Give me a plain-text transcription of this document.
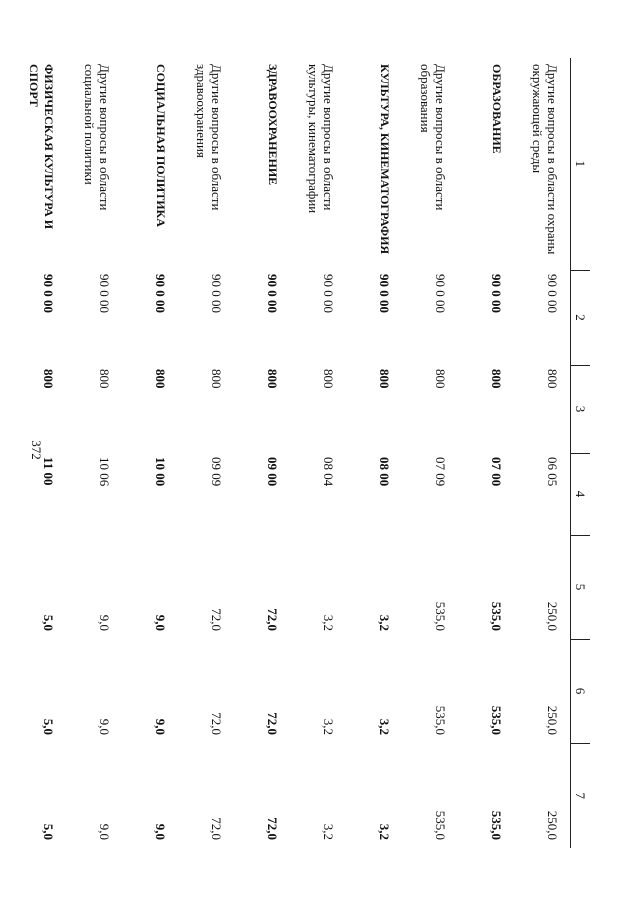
372
1	2	3	4	5	6	7
Другие вопросы в области охраны окружающей среды	90 0 00	800	06 05	250,0	250,0	250,0
ОБРАЗОВАНИЕ	90 0 00	800	07 00	535,0	535,0	535,0
Другие вопросы в области образования	90 0 00	800	07 09	535,0	535,0	535,0
КУЛЬТУРА, КИНЕМАТОГРАФИЯ	90 0 00	800	08 00	3,2	3,2	3,2
Другие вопросы в области культуры, кинематографии	90 0 00	800	08 04	3,2	3,2	3,2
ЗДРАВООХРАНЕНИЕ	90 0 00	800	09 00	72,0	72,0	72,0
Другие вопросы в области здравоохранения	90 0 00	800	09 09	72,0	72,0	72,0
СОЦИАЛЬНАЯ ПОЛИТИКА	90 0 00	800	10 00	9,0	9,0	9,0
Другие вопросы в области социальной политики	90 0 00	800	10 06	9,0	9,0	9,0
ФИЗИЧЕСКАЯ КУЛЬТУРА И СПОРТ	90 0 00	800	11 00	5,0	5,0	5,0
